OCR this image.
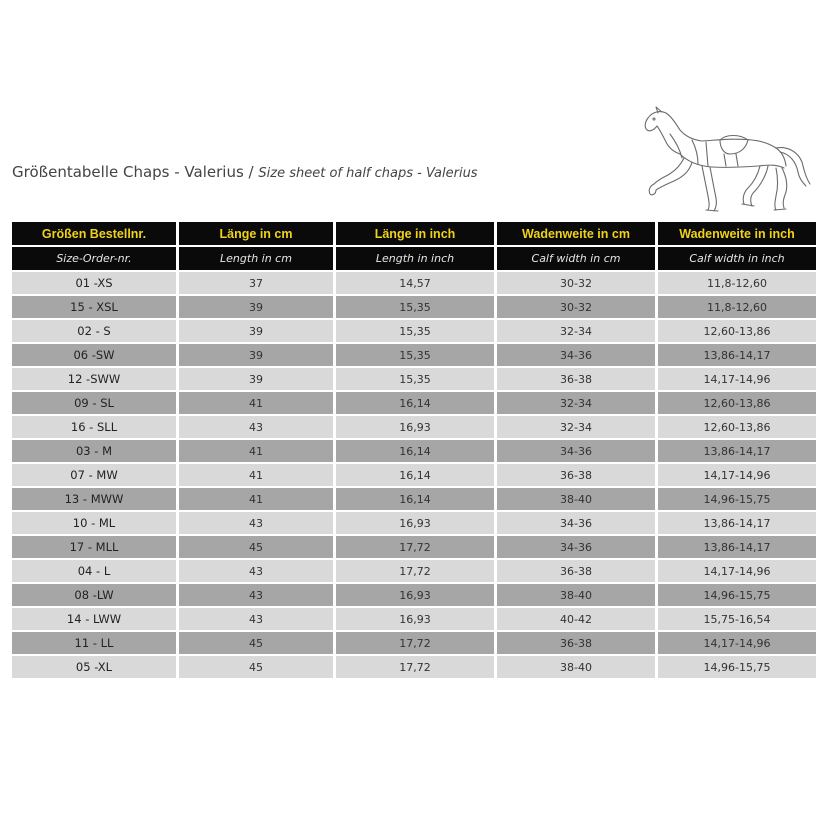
Größentabelle Chaps - Valerius / Size sheet of half chaps - Valerius
Größen Bestellnr.	Länge in cm	Länge in inch	Wadenweite in cm	Wadenweite in inch
Size-Order-nr.	Length in cm	Length in inch	Calf width in cm	Calf width in inch
01 -XS	37	14,57	30-32	11,8-12,60
15 - XSL	39	15,35	30-32	11,8-12,60
02 - S	39	15,35	32-34	12,60-13,86
06 -SW	39	15,35	34-36	13,86-14,17
12 -SWW	39	15,35	36-38	14,17-14,96
09 - SL	41	16,14	32-34	12,60-13,86
16 - SLL	43	16,93	32-34	12,60-13,86
03 - M	41	16,14	34-36	13,86-14,17
07 - MW	41	16,14	36-38	14,17-14,96
13 - MWW	41	16,14	38-40	14,96-15,75
10 - ML	43	16,93	34-36	13,86-14,17
17 - MLL	45	17,72	34-36	13,86-14,17
04 - L	43	17,72	36-38	14,17-14,96
08 -LW	43	16,93	38-40	14,96-15,75
14 - LWW	43	16,93	40-42	15,75-16,54
11 - LL	45	17,72	36-38	14,17-14,96
05 -XL	45	17,72	38-40	14,96-15,75
